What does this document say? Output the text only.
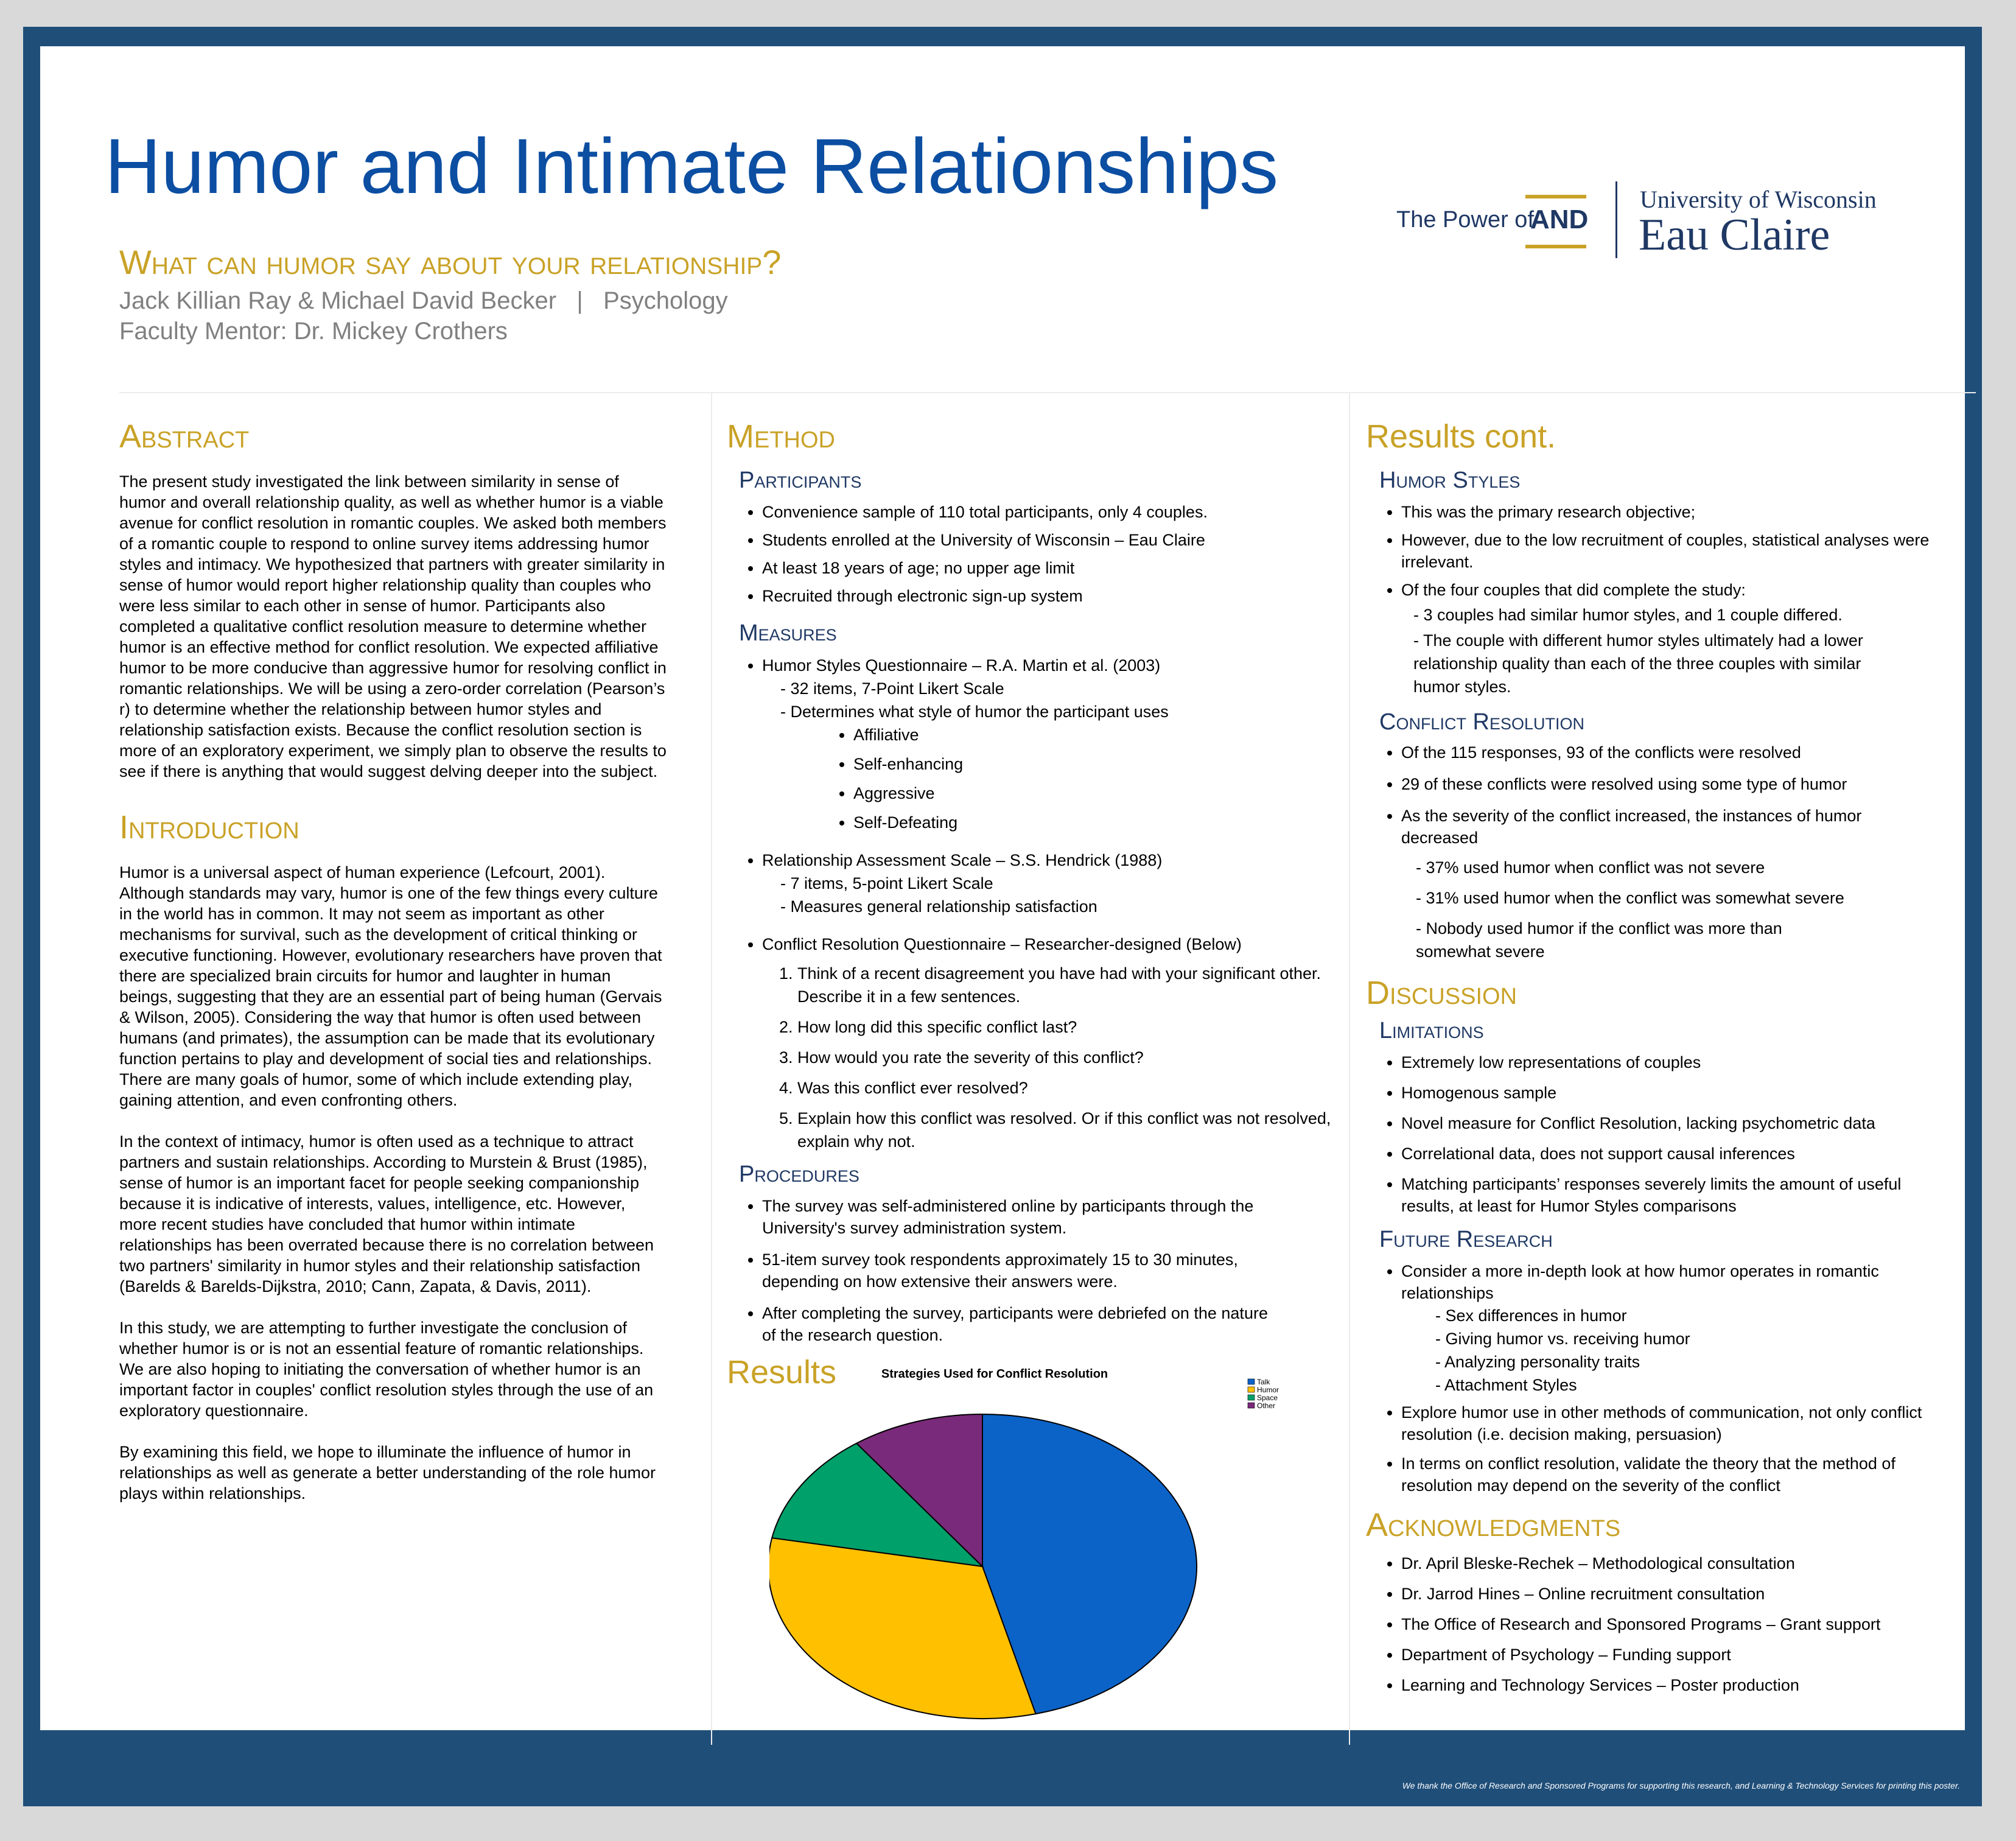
Humor and Intimate Relationships
What can humor say about your relationship?
Jack Killian Ray & Michael David Becker   |   Psychology
Faculty Mentor: Dr. Mickey Crothers
The Power of
AND
University of Wisconsin
Eau Claire
Abstract

The present study investigated the link between similarity in sense of humor and overall relationship quality, as well as whether humor is a viable avenue for conflict resolution in romantic couples. We asked both members of a romantic couple to respond to online survey items addressing humor styles and intimacy. We hypothesized that partners with greater similarity in sense of humor would report higher relationship quality than couples who were less similar to each other in sense of humor. Participants also completed a qualitative conflict resolution measure to determine whether humor is an effective method for conflict resolution. We expected affiliative humor to be more conducive than aggressive humor for resolving conflict in romantic relationships. We will be using a zero-order correlation (Pearson’s r) to determine whether the relationship between humor styles and relationship satisfaction exists. Because the conflict resolution section is more of an exploratory experiment, we simply plan to observe the results to see if there is anything that would suggest delving deeper into the subject.

Introduction

Humor is a universal aspect of human experience (Lefcourt, 2001). Although standards may vary, humor is one of the few things every culture in the world has in common. It may not seem as important as other mechanisms for survival, such as the development of critical thinking or executive functioning. However, evolutionary researchers have proven that there are specialized brain circuits for humor and laughter in human beings, suggesting that they are an essential part of being human (Gervais & Wilson, 2005). Considering the way that humor is often used between humans (and primates), the assumption can be made that its evolutionary function pertains to play and development of social ties and relationships. There are many goals of humor, some of which include extending play, gaining attention, and even confronting others.

In the context of intimacy, humor is often used as a technique to attract partners and sustain relationships. According to Murstein & Brust (1985), sense of humor is an important facet for people seeking companionship because it is indicative of interests, values, intelligence, etc. However, more recent studies have concluded that humor within intimate relationships has been overrated because there is no correlation between two partners' similarity in humor styles and their relationship satisfaction (Barelds & Barelds-Dijkstra, 2010; Cann, Zapata, & Davis, 2011).

In this study, we are attempting to further investigate the conclusion of whether humor is or is not an essential feature of romantic relationships. We are also hoping to initiating the conversation of whether humor is an important factor in couples' conflict resolution styles through the use of an exploratory questionnaire.

By examining this field, we hope to illuminate the influence of humor in relationships as well as generate a better understanding of the role humor plays within relationships.

Method
Participants
• Convenience sample of 110 total participants, only 4 couples.
• Students enrolled at the University of Wisconsin – Eau Claire
• At least 18 years of age; no upper age limit
• Recruited through electronic sign-up system
Measures
• Humor Styles Questionnaire – R.A. Martin et al. (2003)
- 32 items, 7-Point Likert Scale
- Determines what style of humor the participant uses
• Affiliative
• Self-enhancing
• Aggressive
• Self-Defeating
• Relationship Assessment Scale – S.S. Hendrick (1988)
- 7 items, 5-point Likert Scale
- Measures general relationship satisfaction
• Conflict Resolution Questionnaire – Researcher-designed (Below)
1. Think of a recent disagreement you have had with your significant other. Describe it in a few sentences.
2. How long did this specific conflict last?
3. How would you rate the severity of this conflict?
4. Was this conflict ever resolved?
5. Explain how this conflict was resolved. Or if this conflict was not resolved, explain why not.
Procedures
• The survey was self-administered online by participants through the University's survey administration system.
• 51-item survey took respondents approximately 15 to 30 minutes, depending on how extensive their answers were.
• After completing the survey, participants were debriefed on the nature of the research question.
Results	Strategies Used for Conflict Resolution
Talk
Humor
Space
Other
Results cont.
Humor Styles
• This was the primary research objective;
• However, due to the low recruitment of couples, statistical analyses were irrelevant.
• Of the four couples that did complete the study:
- 3 couples had similar humor styles, and 1 couple differed.
- The couple with different humor styles ultimately had a lower relationship quality than each of the three couples with similar humor styles.
Conflict Resolution
• Of the 115 responses, 93 of the conflicts were resolved
• 29 of these conflicts were resolved using some type of humor
• As the severity of the conflict increased, the instances of humor decreased
- 37% used humor when conflict was not severe
- 31% used humor when the conflict was somewhat severe
- Nobody used humor if the conflict was more than somewhat severe
Discussion
Limitations
• Extremely low representations of couples
• Homogenous sample
• Novel measure for Conflict Resolution, lacking psychometric data
• Correlational data, does not support causal inferences
• Matching participants’ responses severely limits the amount of useful results, at least for Humor Styles comparisons
Future Research
• Consider a more in-depth look at how humor operates in romantic relationships
- Sex differences in humor
- Giving humor vs. receiving humor
- Analyzing personality traits
- Attachment Styles
• Explore humor use in other methods of communication, not only conflict resolution (i.e. decision making, persuasion)
• In terms on conflict resolution, validate the theory that the method of resolution may depend on the severity of the conflict
Acknowledgments
• Dr. April Bleske-Rechek – Methodological consultation
• Dr. Jarrod Hines – Online recruitment consultation
• The Office of Research and Sponsored Programs – Grant support
• Department of Psychology – Funding support
• Learning and Technology Services – Poster production
We thank the Office of Research and Sponsored Programs for supporting this research, and Learning & Technology Services for printing this poster.
